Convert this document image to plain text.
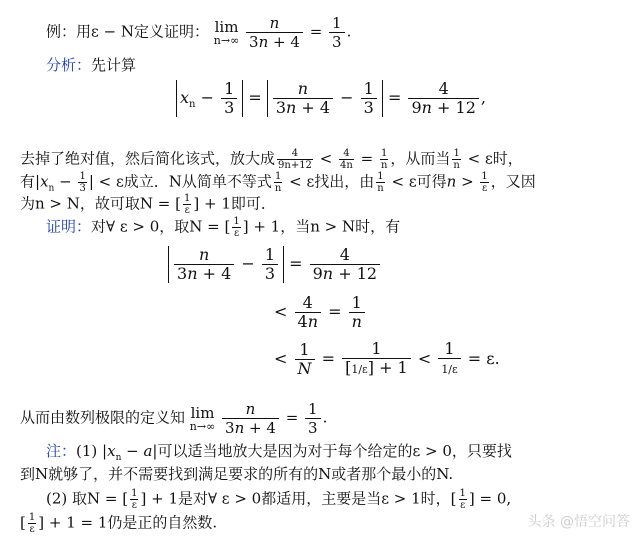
例：用ε − N定义证明： lim
n→∞
$\frac{n}{3n + 4} = \frac{1}{3}$ .
分析：先计算
$x_n - \frac{1}{3} = \frac{n}{3n + 4} - \frac{1}{3} = \frac{4}{9n + 12}$ ,
去掉了绝对值，然后简化该式，放大成 $\frac{4}{9n+12} < \frac{4}{4n} = \frac{1}{n}$ ，从而当 $\frac{1}{n} < \varepsilon$时，
有$|x_n - \frac{1}{3}$ | < ε成立．N从简单不等式 $\frac{1}{n} < \varepsilon$找出，由 $\frac{1}{n} < \varepsilon$可得$n > \frac{1}{\varepsilon}$ ，又因
为n > N，故可取N = [ $\frac{1}{\varepsilon}$ ] + 1即可．
证明：对∀ ε > 0，取N = [ $\frac{1}{\varepsilon}$ ] + 1，当n > N时，有
$\frac{n}{3n + 4} - \frac{1}{3} = \frac{4}{9n + 12}$
< $\frac{4}{4n} = \frac{1}{n}$
< $\frac{1}{N} = \frac{1}{[1/\varepsilon] + 1} < \frac{1}{1/\varepsilon} = \varepsilon$.
从而由数列极限的定义知 lim
n→∞
$\frac{n}{3n + 4} = \frac{1}{3}$ .
注：(1) $|x_n - a|$可以适当地放大是因为对于每个给定的ε > 0，只要找
到N就够了，并不需要找到满足要求的所有的N或者那个最小的N.
(2) 取N = [ $\frac{1}{\varepsilon}$ ] + 1是对∀ ε > 0都适用，主要是当ε > 1时，[ $\frac{1}{\varepsilon}$ ] = 0,
[ $\frac{1}{\varepsilon}$ ] + 1 = 1仍是正的自然数.	头条 @悟空问答
